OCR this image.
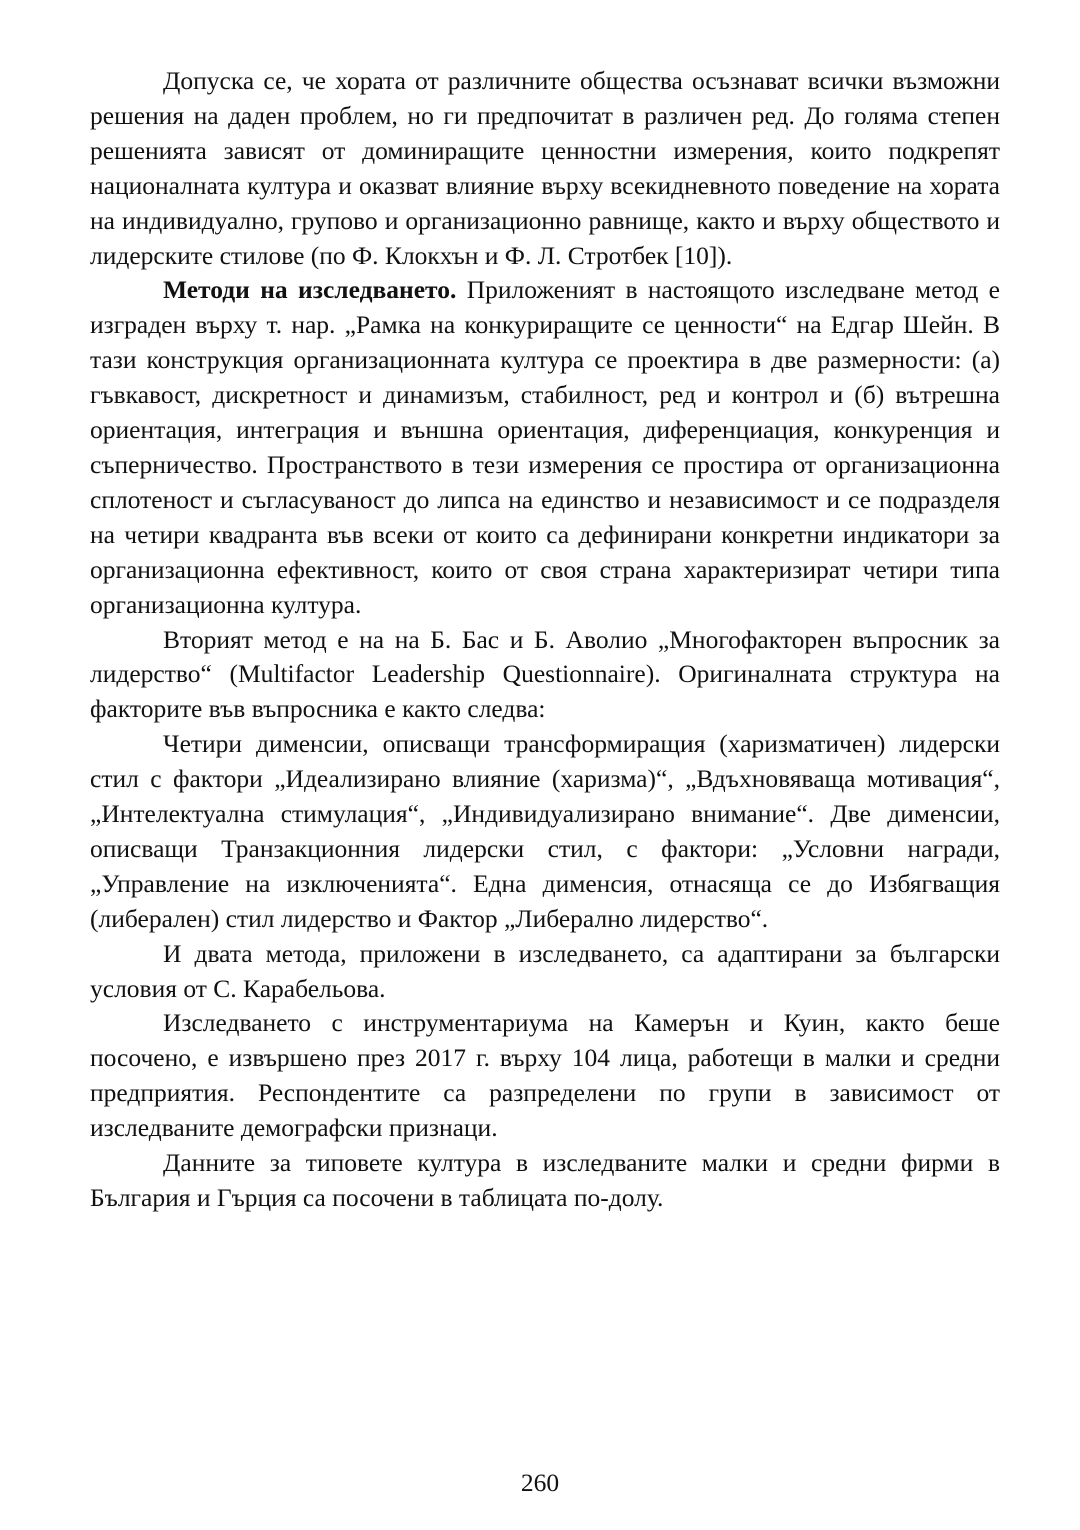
Допуска се, че хората от различните общества осъзнават всички възможни решения на даден проблем, но ги предпочитат в различен ред. До голяма степен решенията зависят от доминиращите ценностни измерения, които подкрепят националната култура и оказват влияние върху всекидневното поведение на хората на индивидуално, групово и организационно равнище, както и върху обществото и лидерските стилове (по Ф. Клокхън и Ф. Л. Стротбек [10]).

Методи на изследването. Приложеният в настоящото изследване метод е изграден върху т. нар. „Рамка на конкуриращите се ценности“ на Едгар Шейн. В тази конструкция организационната култура се проектира в две размерности: (а) гъвкавост, дискретност и динамизъм, стабилност, ред и контрол и (б) вътрешна ориентация, интеграция и външна ориентация, диференциация, конкуренция и съперничество. Пространството в тези измерения се простира от организационна сплотеност и съгласуваност до липса на единство и независимост и се подразделя на четири квадранта във всеки от които са дефинирани конкретни индикатори за организационна ефективност, които от своя страна характеризират четири типа организационна култура.

Вторият метод е на на Б. Бас и Б. Аволио „Многофакторен въпросник за лидерство“ (Multifactor Leadership Questionnaire). Оригиналната структура на факторите във въпросника е както следва:

Четири димeнсии, описващи трансформиращия (харизматичен) лидерски стил с фактори „Идеализирано влияние (харизма)“, „Вдъхновяваща мотивация“, „Интелектуална стимулация“, „Индивидуализирано внимание“. Две димeнсии, описващи Транзакционния лидерски стил, с фактори: „Условни награди, „Управление на изключенията“. Една димeнсия, отнасяща се до Избягващия (либерален) стил лидерство и Фактор „Либерално лидерство“.

И двата метода, приложени в изследването, са адаптирани за български условия от С. Карабельова.

Изследването с инструментариума на Камерън и Куин, както беше посочено, е извършено през 2017 г. върху 104 лица, работещи в малки и средни предприятия. Респондентите са разпределени по групи в зависимост от изследваните демографски признаци.

Данните за типовете култура в изследваните малки и средни фирми в България и Гърция са посочени в таблицата по-долу.

260
